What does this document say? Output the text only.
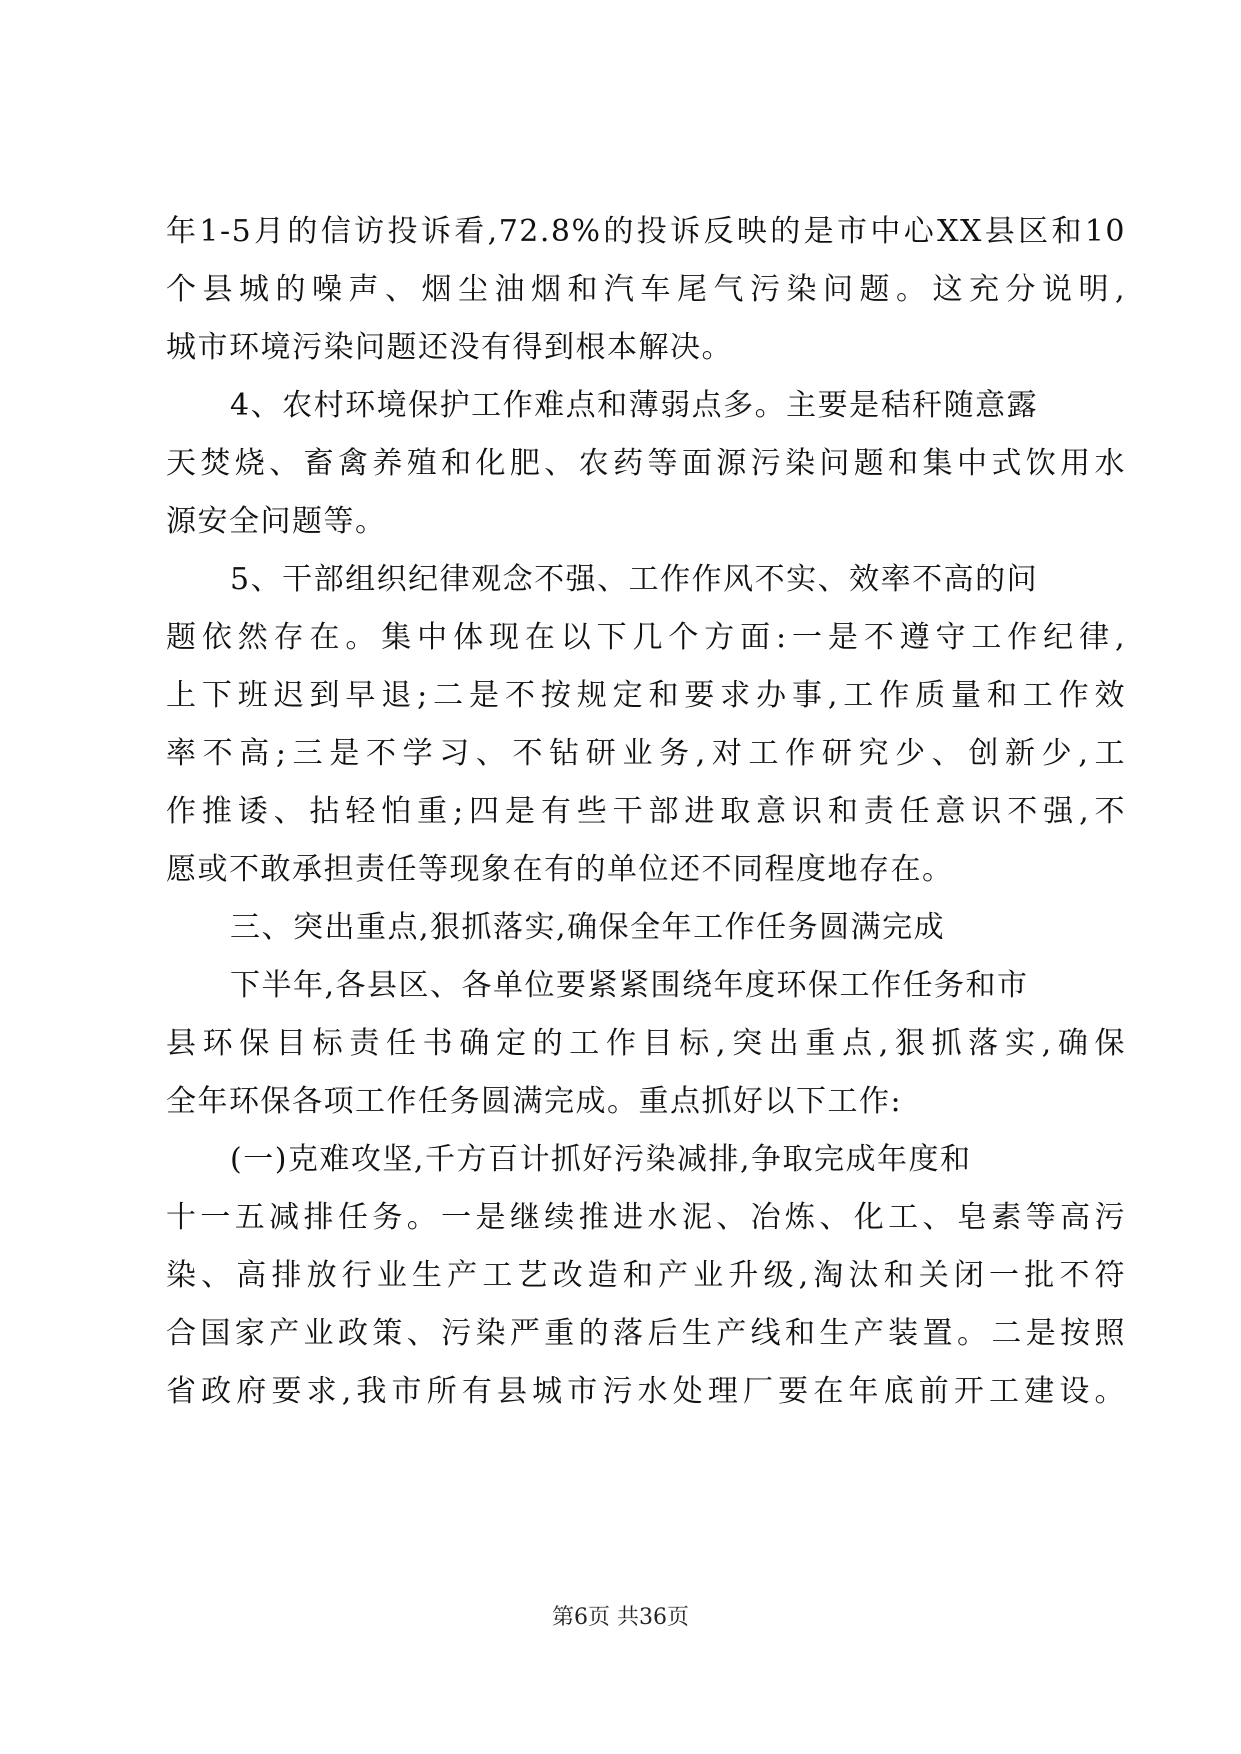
年1-5月的信访投诉看,72.8%的投诉反映的是市中心XX县区和10
个县城的噪声、烟尘油烟和汽车尾气污染问题。这充分说明,
城市环境污染问题还没有得到根本解决。
4、农村环境保护工作难点和薄弱点多。主要是秸秆随意露
天焚烧、畜禽养殖和化肥、农药等面源污染问题和集中式饮用水
源安全问题等。
5、干部组织纪律观念不强、工作作风不实、效率不高的问
题依然存在。集中体现在以下几个方面:一是不遵守工作纪律,
上下班迟到早退;二是不按规定和要求办事,工作质量和工作效
率不高;三是不学习、不钻研业务,对工作研究少、创新少,工
作推诿、拈轻怕重;四是有些干部进取意识和责任意识不强,不
愿或不敢承担责任等现象在有的单位还不同程度地存在。
三、突出重点,狠抓落实,确保全年工作任务圆满完成
下半年,各县区、各单位要紧紧围绕年度环保工作任务和市
县环保目标责任书确定的工作目标,突出重点,狠抓落实,确保
全年环保各项工作任务圆满完成。重点抓好以下工作:
(一)克难攻坚,千方百计抓好污染减排,争取完成年度和
十一五减排任务。一是继续推进水泥、冶炼、化工、皂素等高污
染、高排放行业生产工艺改造和产业升级,淘汰和关闭一批不符
合国家产业政策、污染严重的落后生产线和生产装置。二是按照
省政府要求,我市所有县城市污水处理厂要在年底前开工建设。
第6页 共36页
